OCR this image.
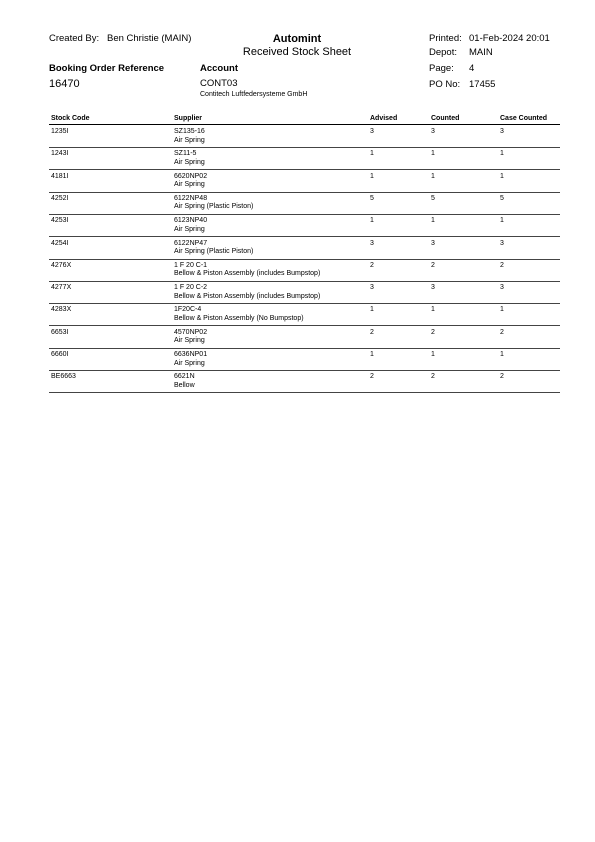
Created By: Ben Christie (MAIN)	Automint
Received Stock Sheet
Printed: 01-Feb-2024 20:01
Depot: MAIN
Page: 4
PO No: 17455
Booking Order Reference
16470
Account
CONT03
Contitech Luftfedersysteme GmbH
Stock Code	Supplier	Advised	Counted	Case Counted
1235I	SZ135-16	3	3	3
Air Spring
1243I	SZ11-5	1	1	1
Air Spring
4181I	6620NP02	1	1	1
Air Spring
4252I	6122NP48	5	5	5
Air Spring (Plastic Piston)
4253I	6123NP40	1	1	1
Air Spring
4254I	6122NP47	3	3	3
Air Spring (Plastic Piston)
4276X	1 F 20 C-1	2	2	2
Bellow & Piston Assembly (includes Bumpstop)
4277X	1 F 20 C-2	3	3	3
Bellow & Piston Assembly (includes Bumpstop)
4283X	1F20C-4	1	1	1
Bellow & Piston Assembly (No Bumpstop)
6653I	4570NP02	2	2	2
Air Spring
6660I	6636NP01	1	1	1
Air Spring
BE6663	6621N	2	2	2
Bellow
